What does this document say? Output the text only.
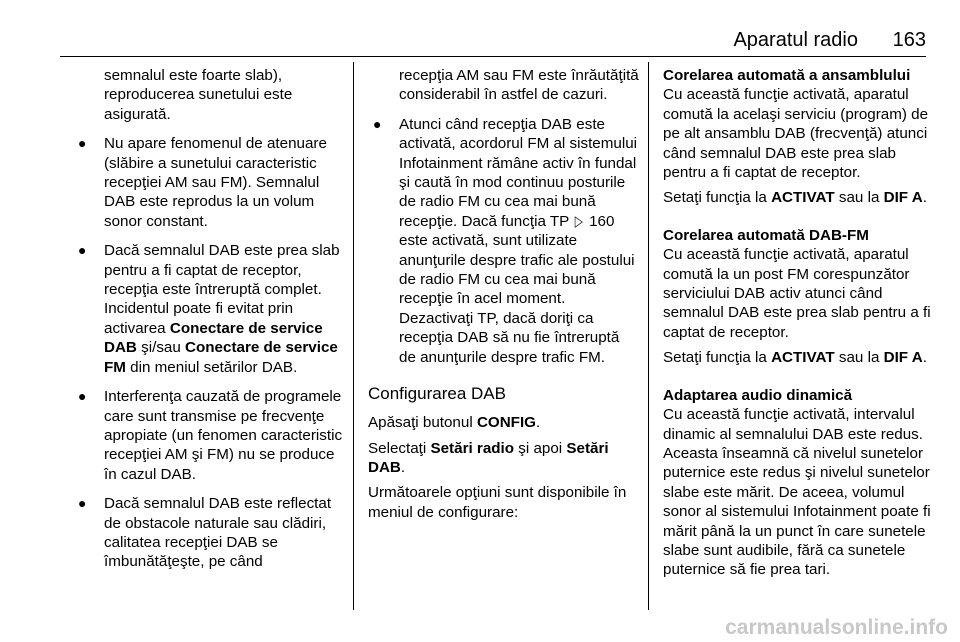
Aparatul radio	163

semnalul este foarte slab), reproducerea sunetului este asigurată.

● Nu apare fenomenul de atenuare (slăbire a sunetului caracteristic recepţiei AM sau FM). Semnalul DAB este reprodus la un volum sonor constant.
● Dacă semnalul DAB este prea slab pentru a fi captat de receptor, recepţia este întreruptă complet. Incidentul poate fi evitat prin activarea Conectare de service DAB şi/sau Conectare de service FM din meniul setărilor DAB.
● Interferenţa cauzată de programele care sunt transmise pe frecvenţe apropiate (un fenomen caracteristic recepţiei AM şi FM) nu se produce în cazul DAB.
● Dacă semnalul DAB este reflectat de obstacole naturale sau clădiri, calitatea recepţiei DAB se îmbunătăţeşte, pe când

recepţia AM sau FM este înrăutăţită considerabil în astfel de cazuri.

● Atunci când recepţia DAB este activată, acordorul FM al sistemului Infotainment rămâne activ în fundal şi caută în mod continuu posturile de radio FM cu cea mai bună recepţie. Dacă funcţia TP ▷ 160 este activată, sunt utilizate anunţurile despre trafic ale postului de radio FM cu cea mai bună recepţie în acel moment. Dezactivaţi TP, dacă doriţi ca recepţia DAB să nu fie întreruptă de anunţurile despre trafic FM.
Configurarea DAB

Apăsaţi butonul CONFIG.

Selectaţi Setări radio şi apoi Setări DAB.

Următoarele opţiuni sunt disponibile în meniul de configurare:

Corelarea automată a ansamblului

Cu această funcţie activată, aparatul comută la acelaşi serviciu (program) de pe alt ansamblu DAB (frecvenţă) atunci când semnalul DAB este prea slab pentru a fi captat de receptor.

Setaţi funcţia la ACTIVAT sau la DIF A.

Corelarea automată DAB-FM

Cu această funcţie activată, aparatul comută la un post FM corespunzător serviciului DAB activ atunci când semnalul DAB este prea slab pentru a fi captat de receptor.

Setaţi funcţia la ACTIVAT sau la DIF A.

Adaptarea audio dinamică

Cu această funcţie activată, intervalul dinamic al semnalului DAB este redus. Aceasta înseamnă că nivelul sunetelor puternice este redus şi nivelul sunetelor slabe este mărit. De aceea, volumul sonor al sistemului Infotainment poate fi mărit până la un punct în care sunetele slabe sunt audibile, fără ca sunetele puternice să fie prea tari.

carmanualsonline.info
